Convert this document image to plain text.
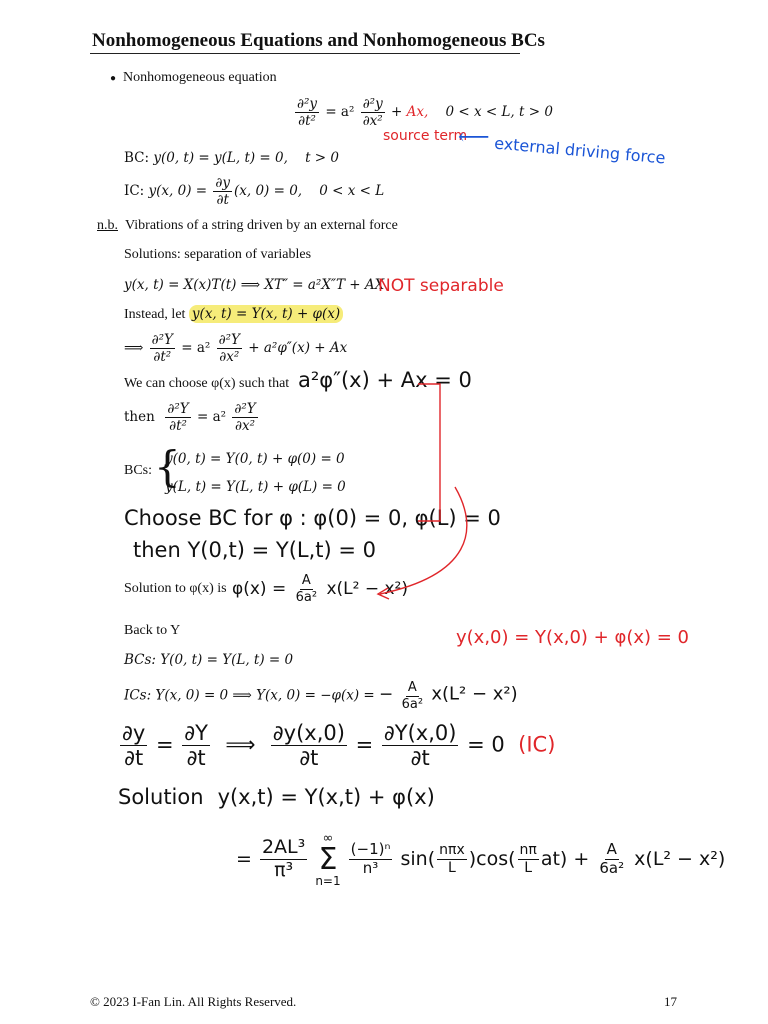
Nonhomogeneous Equations and Nonhomogeneous BCs
● Nonhomogeneous equation
$\frac{\text{∂²y}}{\text{∂t²}} = a^2 \frac{\text{∂²y}}{\text{∂x²}} + Ax$, 0 < x < L, t > 0
source term
⟵ external driving force
BC: y(0, t) = y(L, t) = 0, t > 0
IC: y(x, $0) = \frac{\partial y}{\partial t} (x$, 0) = 0, 0 < x < L
n.b. Vibrations of a string driven by an external force
Solutions: separation of variables
y(x, t) = X(x)T(t) ⟹ XT″ = a²X″T + AX
NOT separable
Instead, let y(x, t) = Y(x, t) + φ(x)
⟹ $\frac{\text{∂²Y}}{\text{∂t²}} = a^2 \frac{\text{∂²Y}}{\text{∂x²}} + a^2\varphi''(x) + Ax$
We can choose φ(x) such that a²φ″(x) + Ax = 0
then $\frac{\text{∂²Y}}{\text{∂t²}} = a^2 \frac{\text{∂²Y}}{\text{∂x²}}$
BCs: {
y(0, t) = Y(0, t) + φ(0) = 0
y(L, t) = Y(L, t) + φ(L) = 0
Choose BC for φ : φ(0) = 0, φ(L) = 0
then Y(0,t) = Y(L,t) = 0
Solution to φ(x) is $\varphi(x) = \frac{A}{\text{6a²}} x(L^2 - x^2)$
Back to Y	y(x,0) = Y(x,0) + φ(x) = 0
BCs: Y(0, t) = Y(L, t) = 0
ICs: Y(x, 0) = 0 ⟹ Y(x, 0) = −φ(x) = − $\frac{A}{\text{6a²}} x(L^2 - x^2)$
$\frac{\partial y}{\partial t} = \frac{\partial Y}{\partial t}$ ⟹ $\frac{\partial y(x,0)}{\partial t} = \frac{\partial Y(x,0)}{\partial t} = 0$ (IC)
Solution y(x,t) = Y(x,t) + φ(x)
= $\frac{\text{2AL³}}{\text{π³}}$
∞
Σ
n=1

$\frac{\text{(−1)ⁿ}}{\text{n³}} \sin( \frac{\text{nπx}}{L} )\cos( \frac{n\pi}{L} at) + \frac{A}{\text{6a²}} x(L^2 - x^2)$
© 2023 I-Fan Lin. All Rights Reserved.	17
